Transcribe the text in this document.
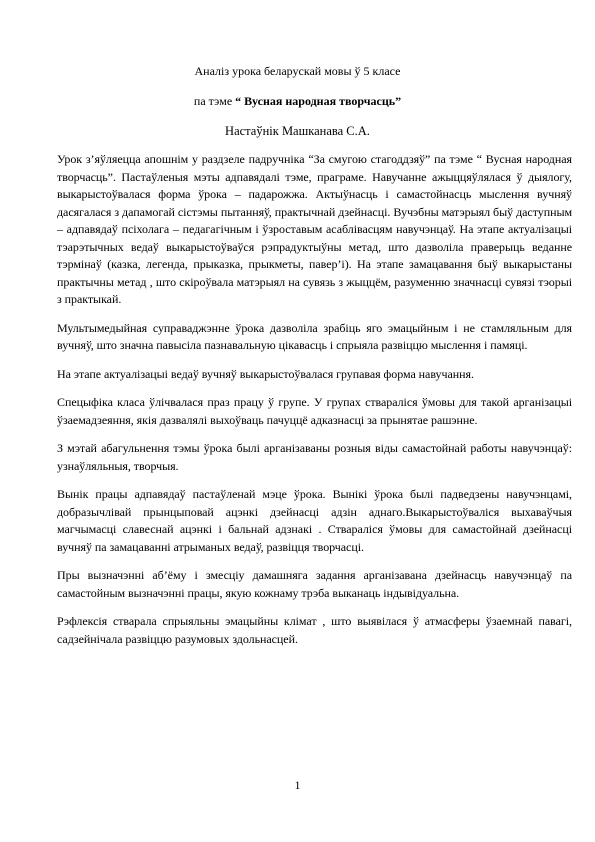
Аналіз урока беларускай мовы ў 5 класе
па тэме “ Вусная народная творчасць”
Настаўнік Машканава С.А.

Урок з’яўляецца апошнім у раздзеле падручніка “За смугою стагоддзяў” па тэме “ Вусная народная творчасць”. Пастаўленыя мэты адпавядалі тэме, праграме. Навучанне ажыццяўлялася ў дыялогу, выкарыстоўвалася форма ўрока – падарожжа. Актыўнасць і самастойнасць мыслення вучняў дасягалася з дапамогай сістэмы пытанняў, практычнай дзейнасці. Вучэбны матэрыял быў даступным – адпавядаў псіхолага – педагагічным і ўзроставым асаблівасцям навучэнцаў. На этапе актуалізацыі тэарэтычных ведаў выкарыстоўваўся рэпрадуктыўны метад, што дазволіла праверыць веданне тэрмінаў (казка, легенда, прыказка, прыкметы, павер’і). На этапе замацавання быў выкарыстаны практычны метад , што скіроўвала матэрыял на сувязь з жыццём, разуменню значнасці сувязі тэорыі з практыкай.

Мультымедыйная суправаджэнне ўрока дазволіла зрабіць яго эмацыйным і не стамляльным для вучняў, што значна павысіла пазнавальную цікавасць і спрыяла развіццю мыслення і памяці.

На этапе актуалізацыі ведаў вучняў выкарыстоўвалася групавая форма навучання.

Спецыфіка класа ўлічвалася праз працу ў групе. У групах ствараліся ўмовы для такой арганізацыі ўзаемадзеяння, якія дазвалялі выхоўваць пачуццё адказнасці за прынятае рашэнне.

З мэтай абагульнення тэмы ўрока былі арганізаваны розныя віды самастойнай работы навучэнцаў: узнаўляльныя, творчыя.

Вынік працы адпавядаў пастаўленай мэце ўрока. Вынікі ўрока былі падведзены навучэнцамі, добразычлівай прынцыповай ацэнкі дзейнасці адзін аднаго.Выкарыстоўваліся выхаваўчыя магчымасці славеснай ацэнкі і бальнай адзнакі . Ствараліся ўмовы для самастойнай дзейнасці вучняў па замацаванні атрыманых ведаў, развіцця творчасці.

Пры вызначэнні аб’ёму і змесціу дамашняга задання арганізавана дзейнасць навучэнцаў па самастойным вызначэнні працы, якую кожнаму трэба выканаць індывідуальна.

Рэфлексія стварала спрыяльны эмацыйны клімат , што выявілася ў атмасферы ўзаемнай павагі, садзейнічала развіццю разумовых здольнасцей.

1
